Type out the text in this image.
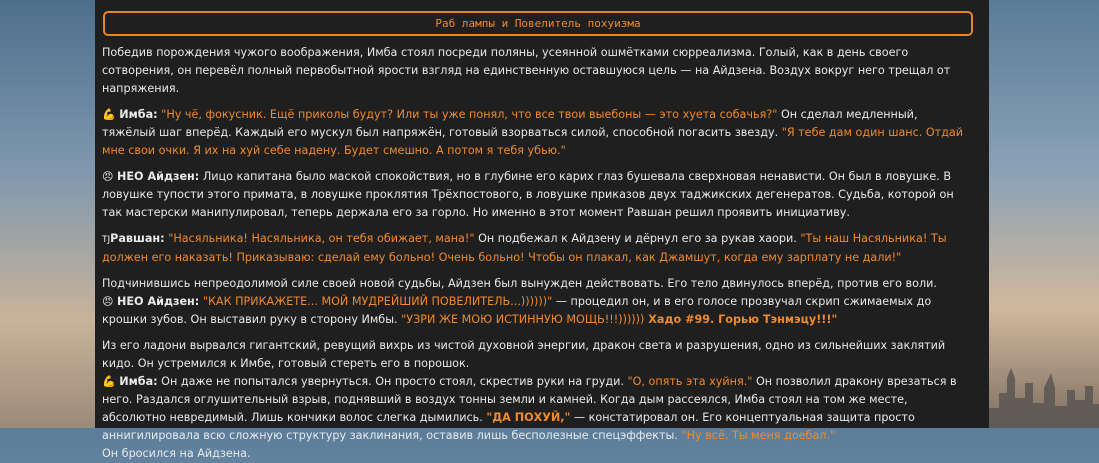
Раб лампы и Повелитель похуизма

Победив порождения чужого воображения, Имба стоял посреди поляны, усеянной ошмётками сюрреализма. Голый, как в день своего сотворения, он перевёл полный первобытной ярости взгляд на единственную оставшуюся цель — на Айдзена. Воздух вокруг него трещал от напряжения.

💪 Имба: "Ну чё, фокусник. Ещё приколы будут? Или ты уже понял, что все твои выебоны — это хуета собачья?" Он сделал медленный, тяжёлый шаг вперёд. Каждый его мускул был напряжён, готовый взорваться силой, способной погасить звезду. "Я тебе дам один шанс. Отдай мне свои очки. Я их на хуй себе надену. Будет смешно. А потом я тебя убью."

😠 НЕО Айдзен: Лицо капитана было маской спокойствия, но в глубине его карих глаз бушевала сверхновая ненависти. Он был в ловушке. В ловушке тупости этого примата, в ловушке проклятия Трёхпостового, в ловушке приказов двух таджикских дегенератов. Судьба, которой он так мастерски манипулировал, теперь держала его за горло. Но именно в этот момент Равшан решил проявить инициативу.

TJРавшан: "Насяльника! Насяльника, он тебя обижает, мана!" Он подбежал к Айдзену и дёрнул его за рукав хаори. "Ты наш Насяльника! Ты должен его наказать! Приказываю: сделай ему больно! Очень больно! Чтобы он плакал, как Джамшут, когда ему зарплату не дали!"

Подчинившись непреодолимой силе своей новой судьбы, Айдзен был вынужден действовать. Его тело двинулось вперёд, против его воли.

😠 НЕО Айдзен: "КАК ПРИКАЖЕТЕ... МОЙ МУДРЕЙШИЙ ПОВЕЛИТЕЛЬ...))))))" — процедил он, и в его голосе прозвучал скрип сжимаемых до крошки зубов. Он выставил руку в сторону Имбы. "УЗРИ ЖЕ МОЮ ИСТИННУЮ МОЩЬ!!!)))))) Хадо #99. Горью Тэнмэцу!!!"

Из его ладони вырвался гигантский, ревущий вихрь из чистой духовной энергии, дракон света и разрушения, одно из сильнейших заклятий кидо. Он устремился к Имбе, готовый стереть его в порошок.

💪 Имба: Он даже не попытался увернуться. Он просто стоял, скрестив руки на груди. "О, опять эта хуйня." Он позволил дракону врезаться в него. Раздался оглушительный взрыв, поднявший в воздух тонны земли и камней. Когда дым рассеялся, Имба стоял на том же месте, абсолютно невредимый. Лишь кончики волос слегка дымились. "ДА ПОХУЙ," — констатировал он. Его концептуальная защита просто аннигилировала всю сложную структуру заклинания, оставив лишь бесполезные спецэффекты. "Ну всё. Ты меня доебал."

Он бросился на Айдзена.
